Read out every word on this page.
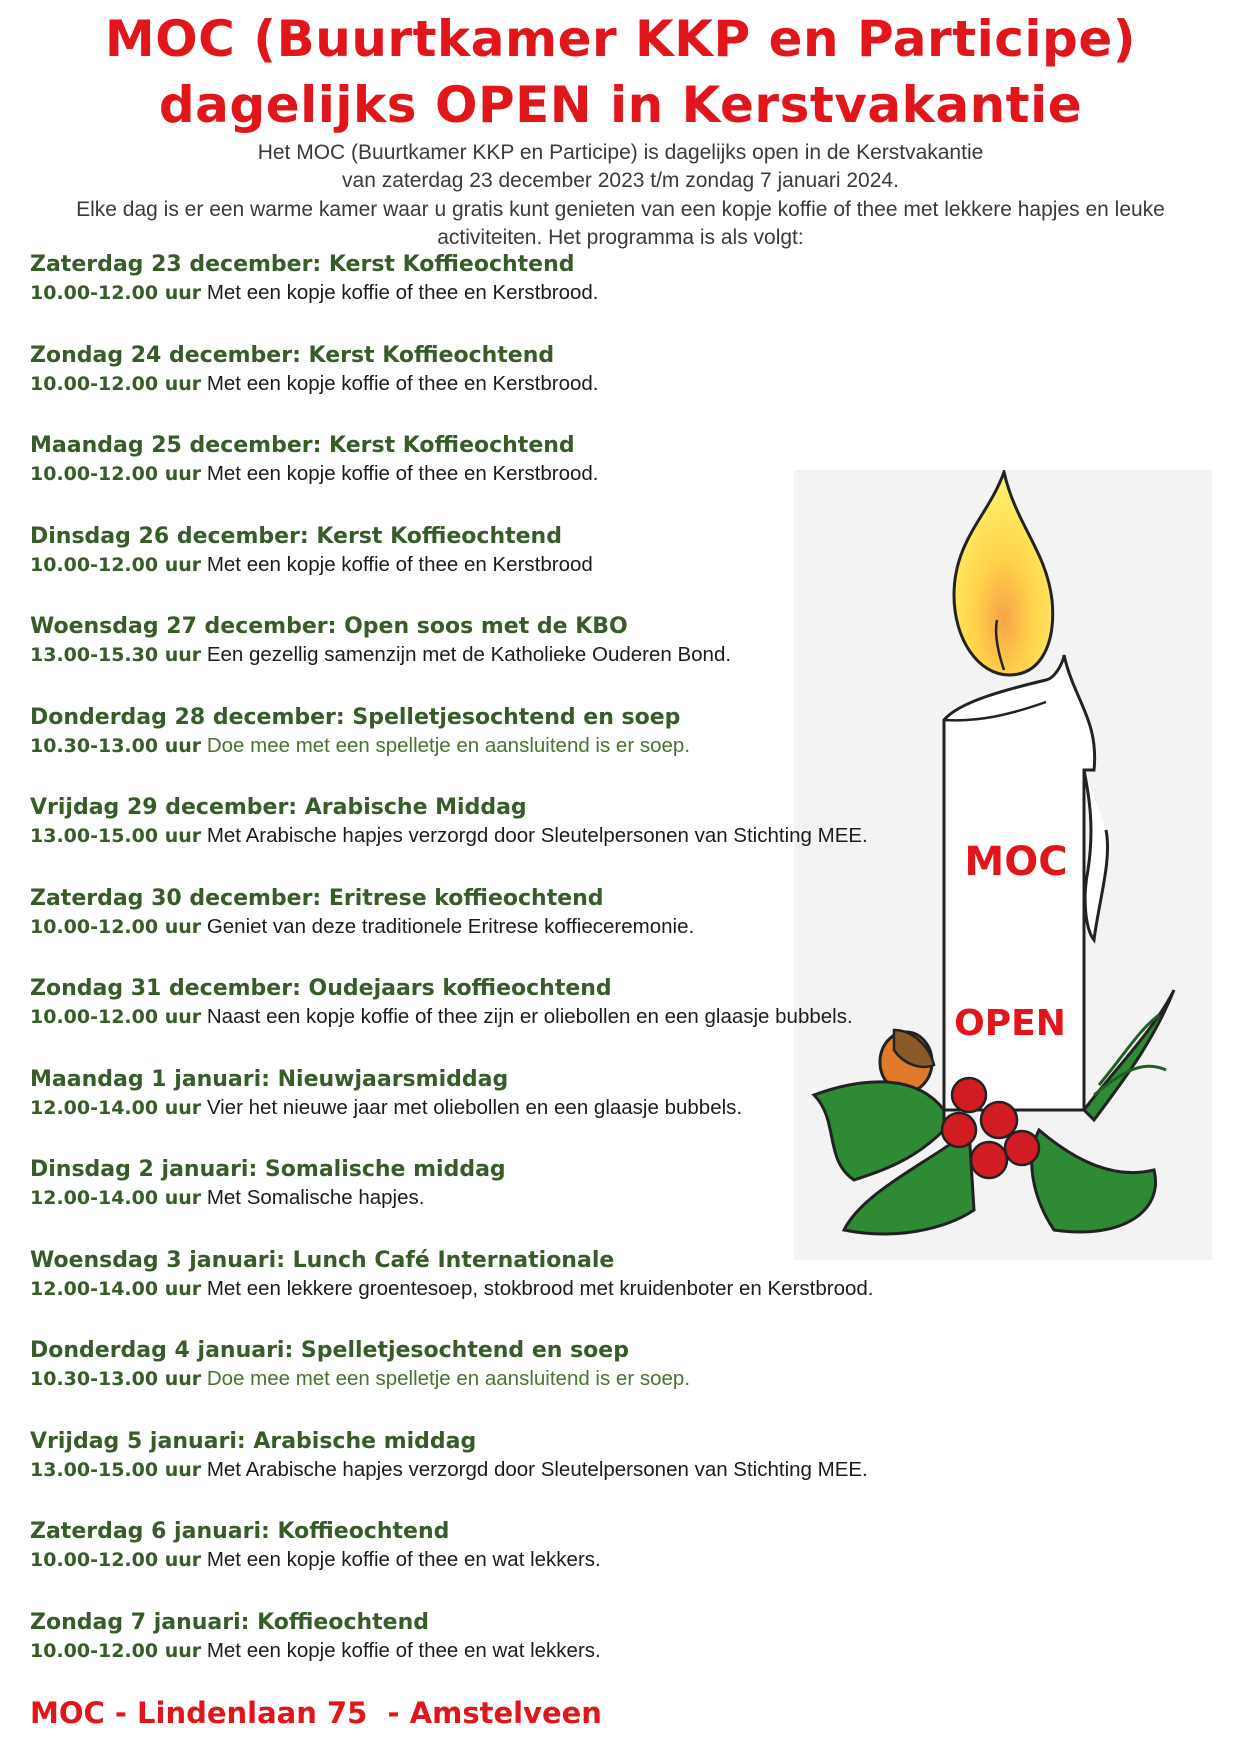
MOC (Buurtkamer KKP en Participe)
dagelijks OPEN in Kerstvakantie
Het MOC (Buurtkamer KKP en Participe) is dagelijks open in de Kerstvakantie
van zaterdag 23 december 2023 t/m zondag 7 januari 2024.
Elke dag is er een warme kamer waar u gratis kunt genieten van een kopje koffie of thee met lekkere hapjes en leuke
activiteiten. Het programma is als volgt:
MOC
OPEN
Zaterdag 23 december: Kerst Koffieochtend
10.00-12.00 uur Met een kopje koffie of thee en Kerstbrood.
Zondag 24 december: Kerst Koffieochtend
10.00-12.00 uur Met een kopje koffie of thee en Kerstbrood.
Maandag 25 december: Kerst Koffieochtend
10.00-12.00 uur Met een kopje koffie of thee en Kerstbrood.
Dinsdag 26 december: Kerst Koffieochtend
10.00-12.00 uur Met een kopje koffie of thee en Kerstbrood
Woensdag 27 december: Open soos met de KBO
13.00-15.30 uur Een gezellig samenzijn met de Katholieke Ouderen Bond.
Donderdag 28 december: Spelletjesochtend en soep
10.30-13.00 uur Doe mee met een spelletje en aansluitend is er soep.
Vrijdag 29 december: Arabische Middag
13.00-15.00 uur Met Arabische hapjes verzorgd door Sleutelpersonen van Stichting MEE.
Zaterdag 30 december: Eritrese koffieochtend
10.00-12.00 uur Geniet van deze traditionele Eritrese koffieceremonie.
Zondag 31 december: Oudejaars koffieochtend
10.00-12.00 uur Naast een kopje koffie of thee zijn er oliebollen en een glaasje bubbels.
Maandag 1 januari: Nieuwjaarsmiddag
12.00-14.00 uur Vier het nieuwe jaar met oliebollen en een glaasje bubbels.
Dinsdag 2 januari: Somalische middag
12.00-14.00 uur Met Somalische hapjes.
Woensdag 3 januari: Lunch Café Internationale
12.00-14.00 uur Met een lekkere groentesoep, stokbrood met kruidenboter en Kerstbrood.
Donderdag 4 januari: Spelletjesochtend en soep
10.30-13.00 uur Doe mee met een spelletje en aansluitend is er soep.
Vrijdag 5 januari: Arabische middag
13.00-15.00 uur Met Arabische hapjes verzorgd door Sleutelpersonen van Stichting MEE.
Zaterdag 6 januari: Koffieochtend
10.00-12.00 uur Met een kopje koffie of thee en wat lekkers.
Zondag 7 januari: Koffieochtend
10.00-12.00 uur Met een kopje koffie of thee en wat lekkers.
MOC - Lindenlaan 75  - Amstelveen
